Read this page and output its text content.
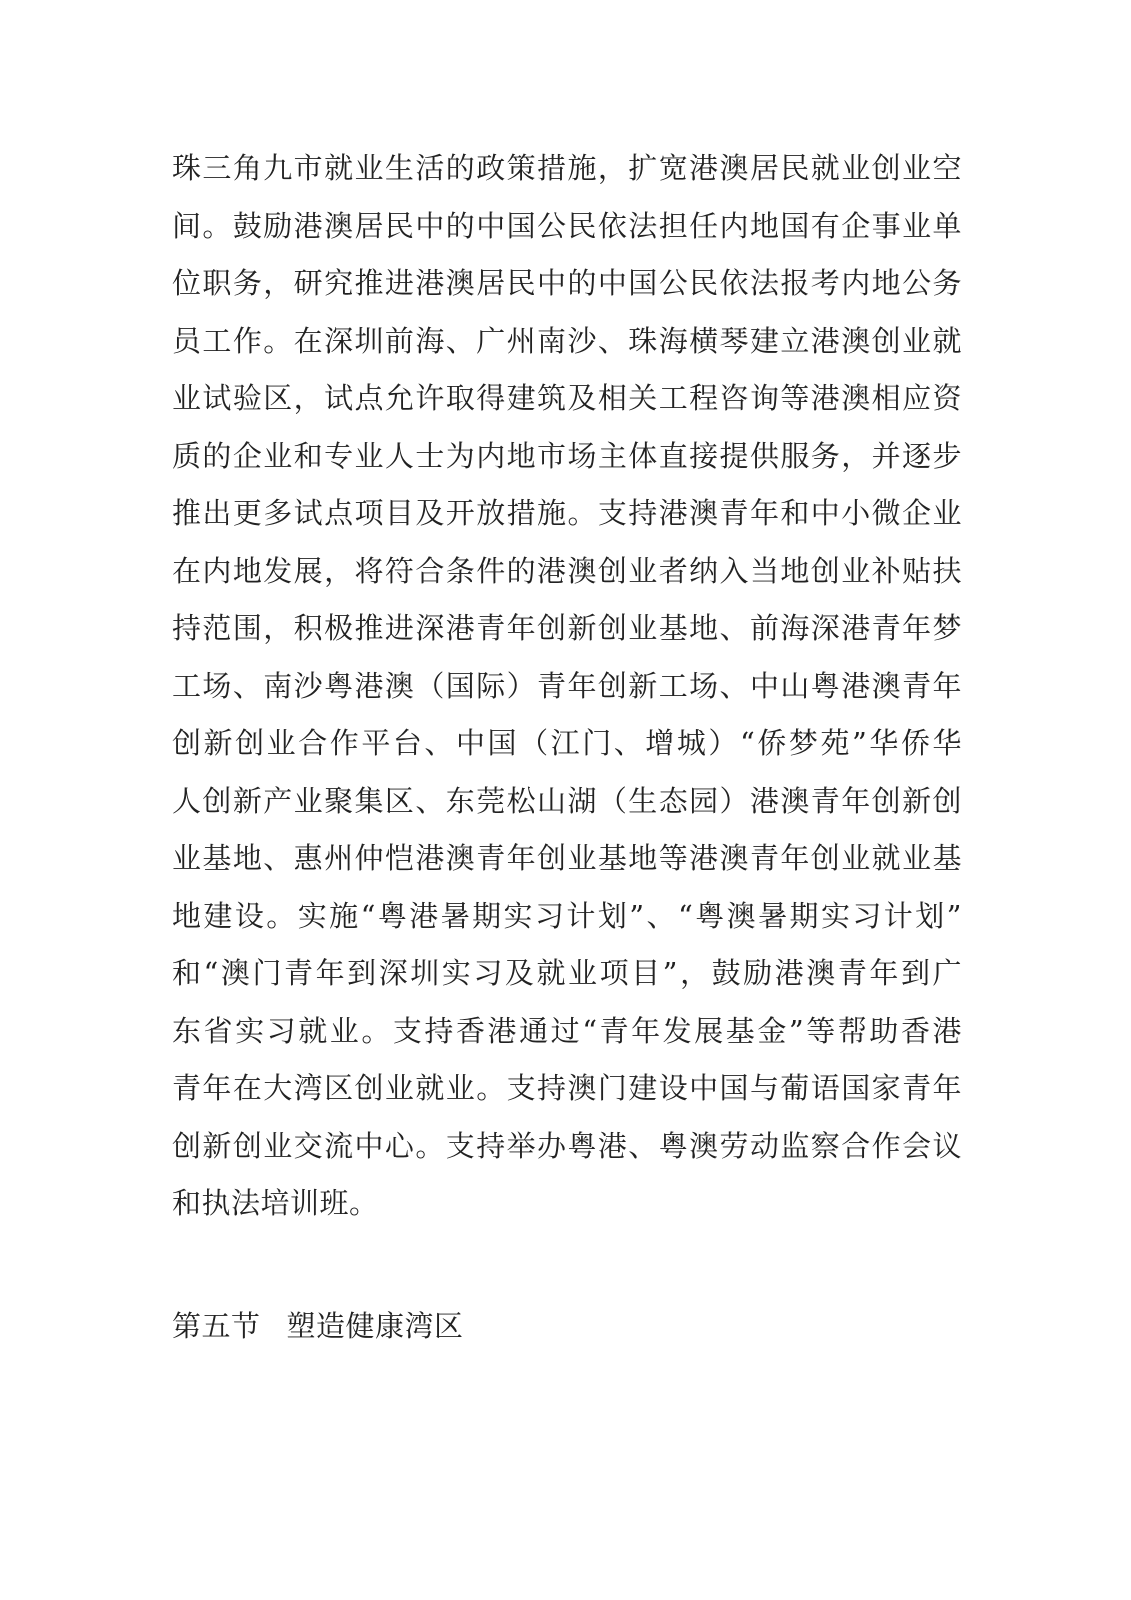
珠三角九市就业生活的政策措施，扩宽港澳居民就业创业空
间。鼓励港澳居民中的中国公民依法担任内地国有企事业单
位职务，研究推进港澳居民中的中国公民依法报考内地公务
员工作。在深圳前海、广州南沙、珠海横琴建立港澳创业就
业试验区，试点允许取得建筑及相关工程咨询等港澳相应资
质的企业和专业人士为内地市场主体直接提供服务，并逐步
推出更多试点项目及开放措施。支持港澳青年和中小微企业
在内地发展，将符合条件的港澳创业者纳入当地创业补贴扶
持范围，积极推进深港青年创新创业基地、前海深港青年梦
工场、南沙粤港澳（国际）青年创新工场、中山粤港澳青年
创新创业合作平台、中国（江门、增城）“侨梦苑”华侨华
人创新产业聚集区、东莞松山湖（生态园）港澳青年创新创
业基地、惠州仲恺港澳青年创业基地等港澳青年创业就业基
地建设。实施“粤港暑期实习计划”、“粤澳暑期实习计划”
和“澳门青年到深圳实习及就业项目”，鼓励港澳青年到广
东省实习就业。支持香港通过“青年发展基金”等帮助香港
青年在大湾区创业就业。支持澳门建设中国与葡语国家青年
创新创业交流中心。支持举办粤港、粤澳劳动监察合作会议
和执法培训班。
第五节 塑造健康湾区
